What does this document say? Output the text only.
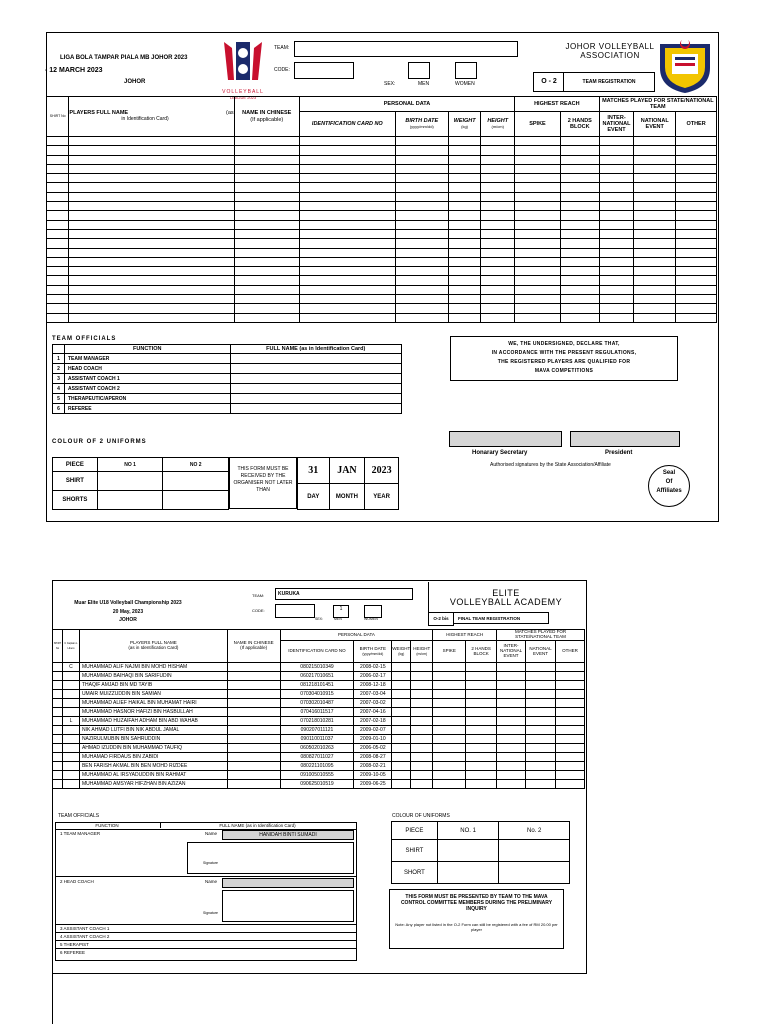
LIGA BOLA TAMPAR PIALA MB JOHOR 2023
- 12 MARCH 2023
JOHOR
VOLLEYBALL
LEAGUE 2023
TEAM:
CODE:
SEX:	MEN	WOMEN
JOHOR VOLLEYBALL
ASSOCIATION
O - 2	TEAM REGISTRATION
SHIRT No	PLAYERS FULL NAME (as

in Identification Card)	NAME IN CHINESE
(If applicable)	PERSONAL DATA				HIGHEST REACH		MATCHES PLAYED FOR STATE/NATIONAL TEAM		
			IDENTIFICATION CARD NO	BIRTH DATE
(yyyy/mm/dd)	WEIGHT
(kg)	HEIGHT
(m/cm)	SPIKE	2 HANDS BLOCK	INTER-NATIONAL EVENT	NATIONAL EVENT	OTHER

TEAM OFFICIALS
	FUNCTION	FULL NAME (as in Identification Card)
1	TEAM MANAGER	
2	HEAD COACH	
3	ASSISTANT COACH 1	
4	ASSISTANT COACH 2	
5	THERAPEUTIC/APERON	
6	REFEREE	
WE, THE UNDERSIGNED, DECLARE THAT,
IN ACCORDANCE WITH THE PRESENT REGULATIONS,
THE REGISTERED PLAYERS ARE QUALIFIED FOR
MAVA COMPETITIONS
COLOUR OF 2 UNIFORMS
Honarary Secretary	President
Authorised signatures by the State Association/Affiliate
Seal
Of
Affiliates
PIECE	NO 1	NO 2
SHIRT		
SHORTS		
THIS FORM MUST BE RECEIVED BY THE ORGANISER NOT LATER THAN
31	JAN	2023
DAY	MONTH	YEAR
Muar Elite U18 Volleyball Championship 2023
20 May, 2023
JOHOR
TEAM:	KURUKA
CODE:
SEX:
1
MEN	WOMEN
ELITE
VOLLEYBALL ACADEMY
O-2 bis	FINAL TEAM REGISTRATION
SHIRT No	C Captain L Libero	PLAYERS FULL NAME
(as in Identification Card)	NAME IN CHINESE
(If applicable)	PERSONAL DATA				HIGHEST REACH		MATCHES PLAYED FOR STATE/NATIONAL TEAM		
				IDENTIFICATION CARD NO	BIRTH DATE
(yyyy/mm/dd)	WEIGHT
(kg)	HEIGHT
(m/cm)	SPIKE	2 HANDS BLOCK	INTER-NATIONAL EVENT	NATIONAL EVENT	OTHER
	C	MUHAMMAD ALIF NAJMI BIN MOHD HISHAM		080215010349	2008-02-15							
		MUHAMMAD BAIHAQI BIN SARIFUDIN		060217010651	2006-02-17							
		THAQIF AMJAD BIN MD TAYIB		081218101451	2008-12-18							
		UMAIR MUIZZUDDIN BIN SAMIAN		070304010915	2007-03-04							
		MUHAMMAD ALIEF HAIKAL BIN MUHAMAT HAIRI		070302010487	2007-03-02							
		MUHAMMAD HASNOR HAFIZI BIN HASBULLAH		070416011517	2007-04-16							
	L	MUHAMMAD HUZAIFAH ADHAM BIN ABD WAHAB		070218010281	2007-02-18							
		NIK AHMAD LUTFI BIN NIK ABDUL JAMAL		090207011121	2009-02-07							
		NAZIRULMUBIN BIN SAHRUDDIN		090110011037	2009-01-10							
		AHMAD IZUDDIN BIN MUHAMMAD TAUFIQ		060502010263	2006-05-02							
		MUHAMAD FIRDAUS BIN ZABIDI		080827011027	2008-08-27							
		BEN FARISH AKMAL BIN BEN MOHD RIZDEE		080221101095	2008-02-21							
		MUHAMMAD AL IRSYADUDDIN BIN RAHMAT		091005010555	2009-10-05							
		MUHAMMAD AMSYAR HIFZHAN BIN AZIZAN		090625010519	2009-06-25							
TEAM OFFICIALS
FUNCTION	FULL NAME (as in Identification Card)
1 TEAM MANAGER	Name	HANIDAH BINTI SUMADI
Signature
2 HEAD COACH	Name
Signature
3 ASSISTANT COACH 1
4 ASSISTANT COACH 2
5 THERAPIST
6 REFEREE
COLOUR OF UNIFORMS
PIECE	NO. 1	No. 2
SHIRT		
SHORT		
THIS FORM MUST BE PRESENTED BY TEAM TO THE MAVA CONTROL COMMITTEE MEMBERS DURING THE PRELIMINARY INQUIRY
Note: Any player not listed in the O-2 Form can still be registered with a fee of RM 20.00 per player
